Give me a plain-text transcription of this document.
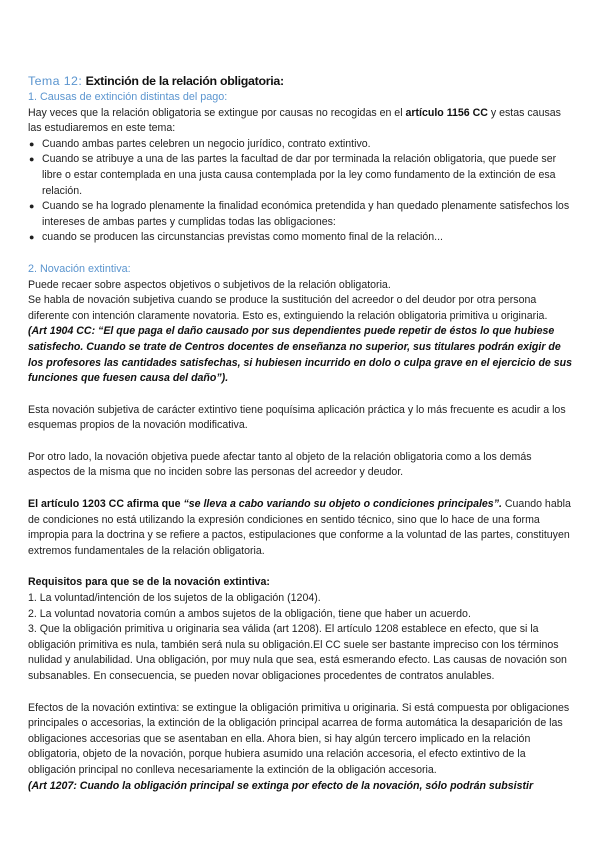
Tema 12: Extinción de la relación obligatoria:

1. Causas de extinción distintas del pago:

Hay veces que la relación obligatoria se extingue por causas no recogidas en el artículo 1156 CC y estas causas las estudiaremos en este tema:

● Cuando ambas partes celebren un negocio jurídico, contrato extintivo.
● Cuando se atribuye a una de las partes la facultad de dar por terminada la relación obligatoria, que puede ser libre o estar contemplada en una justa causa contemplada por la ley como fundamento de la extinción de esa relación.
● Cuando se ha logrado plenamente la finalidad económica pretendida y han quedado plenamente satisfechos los intereses de ambas partes y cumplidas todas las obligaciones:
● cuando se producen las circunstancias previstas como momento final de la relación...

2. Novación extintiva:

Puede recaer sobre aspectos objetivos o subjetivos de la relación obligatoria.

Se habla de novación subjetiva cuando se produce la sustitución del acreedor o del deudor por otra persona diferente con intención claramente novatoria. Esto es, extinguiendo la relación obligatoria primitiva u originaria.

(Art 1904 CC: “El que paga el daño causado por sus dependientes puede repetir de éstos lo que hubiese satisfecho. Cuando se trate de Centros docentes de enseñanza no superior, sus titulares podrán exigir de los profesores las cantidades satisfechas, si hubiesen incurrido en dolo o culpa grave en el ejercicio de sus funciones que fuesen causa del daño”).

Esta novación subjetiva de carácter extintivo tiene poquísima aplicación práctica y lo más frecuente es acudir a los esquemas propios de la novación modificativa.

Por otro lado, la novación objetiva puede afectar tanto al objeto de la relación obligatoria como a los demás aspectos de la misma que no inciden sobre las personas del acreedor y deudor.

El artículo 1203 CC afirma que “se lleva a cabo variando su objeto o condiciones principales”. Cuando habla de condiciones no está utilizando la expresión condiciones en sentido técnico, sino que lo hace de una forma impropia para la doctrina y se refiere a pactos, estipulaciones que conforme a la voluntad de las partes, constituyen extremos fundamentales de la relación obligatoria.

Requisitos para que se de la novación extintiva:

1. La voluntad/intención de los sujetos de la obligación (1204).

2. La voluntad novatoria común a ambos sujetos de la obligación, tiene que haber un acuerdo.

3. Que la obligación primitiva u originaria sea válida (art 1208). El artículo 1208 establece en efecto, que si la obligación primitiva es nula, también será nula su obligación.El CC suele ser bastante impreciso con los términos nulidad y anulabilidad. Una obligación, por muy nula que sea, está esmerando efecto. Las causas de novación son subsanables. En consecuencia, se pueden novar obligaciones procedentes de contratos anulables.

Efectos de la novación extintiva: se extingue la obligación primitiva u originaria. Si está compuesta por obligaciones principales o accesorias, la extinción de la obligación principal acarrea de forma automática la desaparición de las obligaciones accesorias que se asentaban en ella. Ahora bien, si hay algún tercero implicado en la relación obligatoria, objeto de la novación, porque hubiera asumido una relación accesoria, el efecto extintivo de la obligación principal no conlleva necesariamente la extinción de la obligación accesoria.

(Art 1207: Cuando la obligación principal se extinga por efecto de la novación, sólo podrán subsistir
